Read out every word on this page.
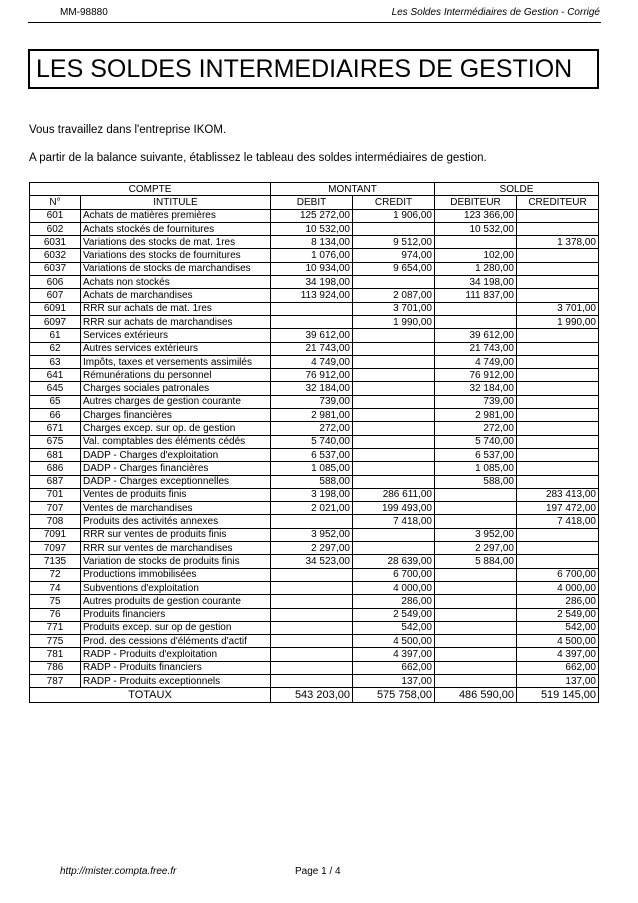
MM-98880	Les Soldes Intermédiaires de Gestion - Corrigé
LES SOLDES INTERMEDIAIRES DE GESTION
Vous travaillez dans l'entreprise IKOM.
A partir de la balance suivante, établissez le tableau des soldes intermédiaires de gestion.
COMPTE		MONTANT		SOLDE	
N°	INTITULE	DEBIT	CREDIT	DEBITEUR	CREDITEUR
601	Achats de matières premières	125 272,00	1 906,00	123 366,00	
602	Achats stockés de fournitures	10 532,00		10 532,00	
6031	Variations des stocks de mat. 1res	8 134,00	9 512,00		1 378,00
6032	Variations des stocks de fournitures	1 076,00	974,00	102,00	
6037	Variations de stocks de marchandises	10 934,00	9 654,00	1 280,00	
606	Achats non stockés	34 198,00		34 198,00	
607	Achats de marchandises	113 924,00	2 087,00	111 837,00	
6091	RRR sur achats de mat. 1res		3 701,00		3 701,00
6097	RRR sur achats de marchandises		1 990,00		1 990,00
61	Services extérieurs	39 612,00		39 612,00	
62	Autres services extérieurs	21 743,00		21 743,00	
63	Impôts, taxes et versements assimilés	4 749,00		4 749,00	
641	Rémunérations du personnel	76 912,00		76 912,00	
645	Charges sociales patronales	32 184,00		32 184,00	
65	Autres charges de gestion courante	739,00		739,00	
66	Charges financières	2 981,00		2 981,00	
671	Charges excep. sur op. de gestion	272,00		272,00	
675	Val. comptables des éléments cédés	5 740,00		5 740,00	
681	DADP - Charges d'exploitation	6 537,00		6 537,00	
686	DADP - Charges financières	1 085,00		1 085,00	
687	DADP - Charges exceptionnelles	588,00		588,00	
701	Ventes de produits finis	3 198,00	286 611,00		283 413,00
707	Ventes de marchandises	2 021,00	199 493,00		197 472,00
708	Produits des activités annexes		7 418,00		7 418,00
7091	RRR sur ventes de produits finis	3 952,00		3 952,00	
7097	RRR sur ventes de marchandises	2 297,00		2 297,00	
7135	Variation de stocks de produits finis	34 523,00	28 639,00	5 884,00	
72	Productions immobilisées		6 700,00		6 700,00
74	Subventions d'exploitation		4 000,00		4 000,00
75	Autres produits de gestion courante		286,00		286,00
76	Produits financiers		2 549,00		2 549,00
771	Produits excep. sur op de gestion		542,00		542,00
775	Prod. des cessions d'éléments d'actif		4 500,00		4 500,00
781	RADP - Produits d'exploitation		4 397,00		4 397,00
786	RADP - Produits financiers		662,00		662,00
787	RADP - Produits exceptionnels		137,00		137,00
TOTAUX		543 203,00	575 758,00	486 590,00	519 145,00
http://mister.compta.free.fr	Page 1 / 4
